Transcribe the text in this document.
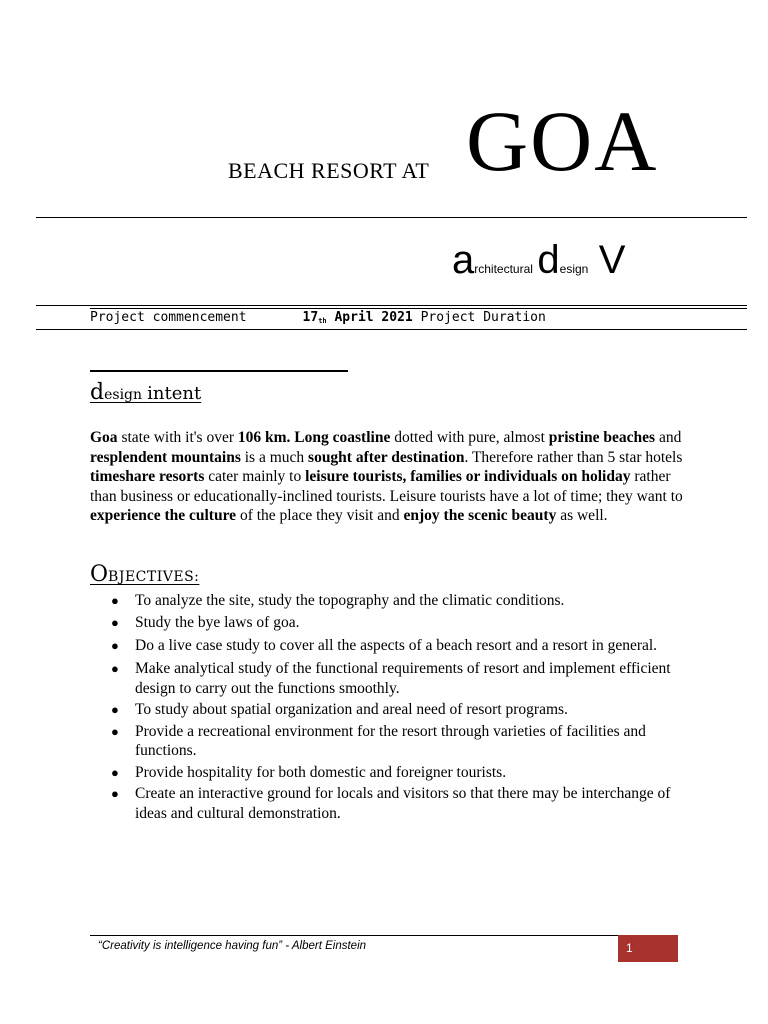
BEACH RESORT AT GOA
architectural design V
Project commencement	$17_{th}$ April 2021 Project Duration
design intent
Goa state with it's over 106 km. Long coastline dotted with pure, almost pristine beaches and resplendent mountains is a much sought after destination. Therefore rather than 5 star hotels timeshare resorts cater mainly to leisure tourists, families or individuals on holiday rather than business or educationally-inclined tourists. Leisure tourists have a lot of time; they want to experience the culture of the place they visit and enjoy the scenic beauty as well.
OBJECTIVES:
● To analyze the site, study the topography and the climatic conditions.
● Study the bye laws of goa.
● Do a live case study to cover all the aspects of a beach resort and a resort in general.
● Make analytical study of the functional requirements of resort and implement efficient design to carry out the functions smoothly.
● To study about spatial organization and areal need of resort programs.
● Provide a recreational environment for the resort through varieties of facilities and functions.
● Provide hospitality for both domestic and foreigner tourists.
● Create an interactive ground for locals and visitors so that there may be interchange of ideas and cultural demonstration.
“Creativity is intelligence having fun” - Albert Einstein	1
